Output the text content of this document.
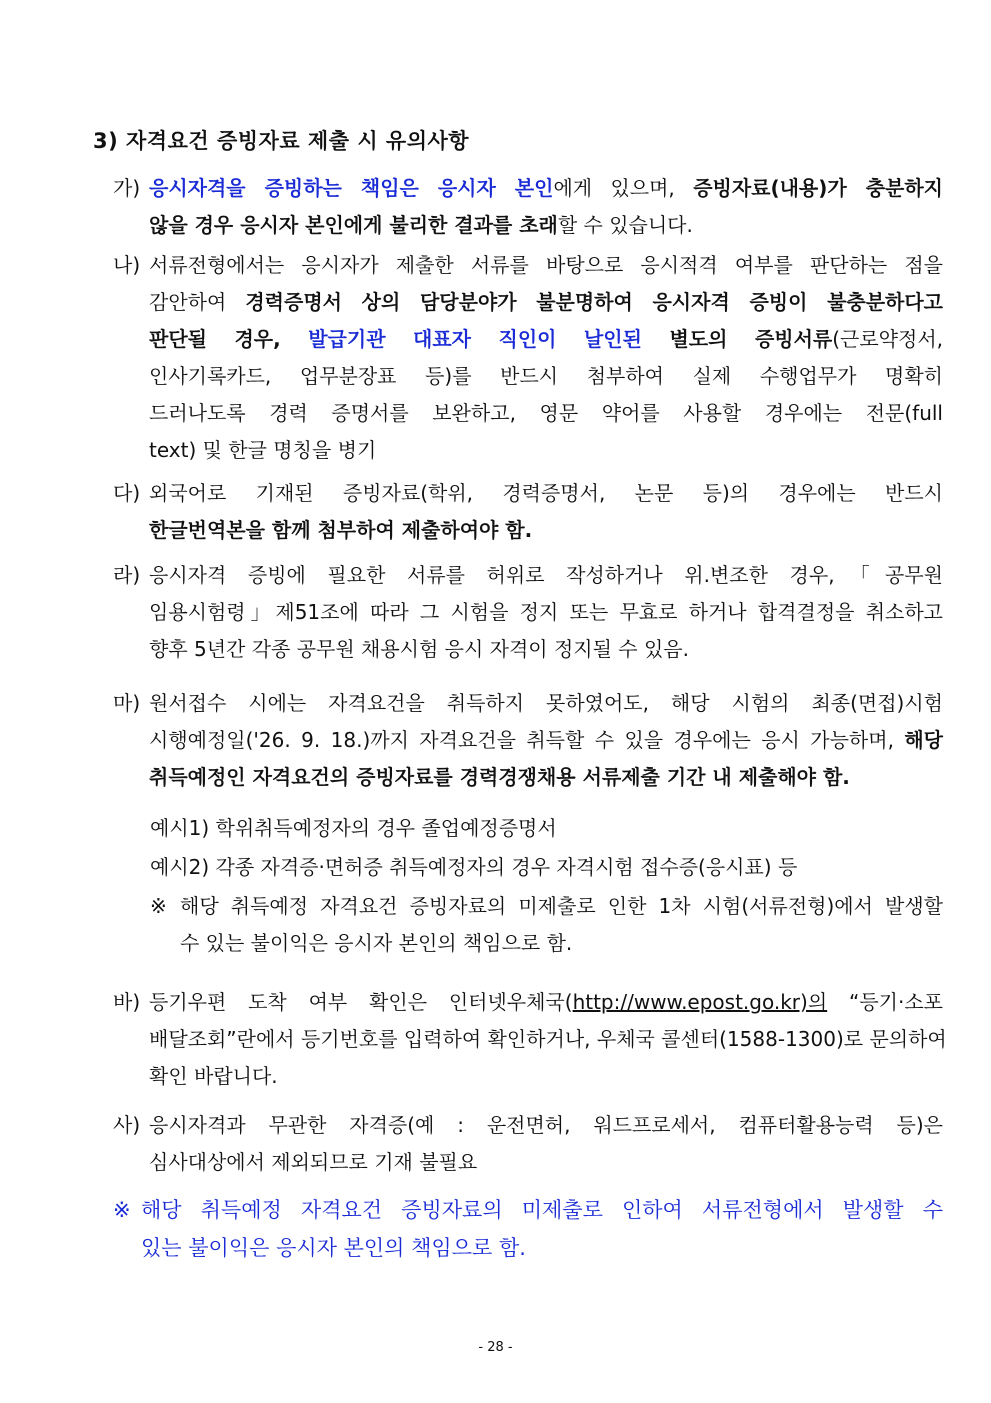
3) 자격요건 증빙자료 제출 시 유의사항
가) 응시자격을 증빙하는 책임은 응시자 본인에게 있으며, 증빙자료(내용)가 충분하지
않을 경우 응시자 본인에게 불리한 결과를 초래할 수 있습니다.
나) 서류전형에서는 응시자가 제출한 서류를 바탕으로 응시적격 여부를 판단하는 점을
감안하여 경력증명서 상의 담당분야가 불분명하여 응시자격 증빙이 불충분하다고
판단될 경우, 발급기관 대표자 직인이 날인된 별도의 증빙서류(근로약정서,
인사기록카드, 업무분장표 등)를 반드시 첨부하여 실제 수행업무가 명확히
드러나도록 경력 증명서를 보완하고, 영문 약어를 사용할 경우에는 전문(full
text) 및 한글 명칭을 병기
다) 외국어로 기재된 증빙자료(학위, 경력증명서, 논문 등)의 경우에는 반드시
한글번역본을 함께 첨부하여 제출하여야 함.
라) 응시자격 증빙에 필요한 서류를 허위로 작성하거나 위.변조한 경우,「공무원
임용시험령」제51조에 따라 그 시험을 정지 또는 무효로 하거나 합격결정을 취소하고
향후 5년간 각종 공무원 채용시험 응시 자격이 정지될 수 있음.
마) 원서접수 시에는 자격요건을 취득하지 못하였어도, 해당 시험의 최종(면접)시험
시행예정일('26. 9. 18.)까지 자격요건을 취득할 수 있을 경우에는 응시 가능하며, 해당
취득예정인 자격요건의 증빙자료를 경력경쟁채용 서류제출 기간 내 제출해야 함.
예시1) 학위취득예정자의 경우 졸업예정증명서
예시2) 각종 자격증·면허증 취득예정자의 경우 자격시험 접수증(응시표) 등
※ 해당 취득예정 자격요건 증빙자료의 미제출로 인한 1차 시험(서류전형)에서 발생할
수 있는 불이익은 응시자 본인의 책임으로 함.
바) 등기우편 도착 여부 확인은 인터넷우체국(http://www.epost.go.kr)의 “등기·소포
배달조회”란에서 등기번호를 입력하여 확인하거나, 우체국 콜센터(1588-1300)로 문의하여
확인 바랍니다.
사) 응시자격과 무관한 자격증(예 : 운전면허, 워드프로세서, 컴퓨터활용능력 등)은
심사대상에서 제외되므로 기재 불필요
※ 해당 취득예정 자격요건 증빙자료의 미제출로 인하여 서류전형에서 발생할 수
있는 불이익은 응시자 본인의 책임으로 함.
- 28 -
